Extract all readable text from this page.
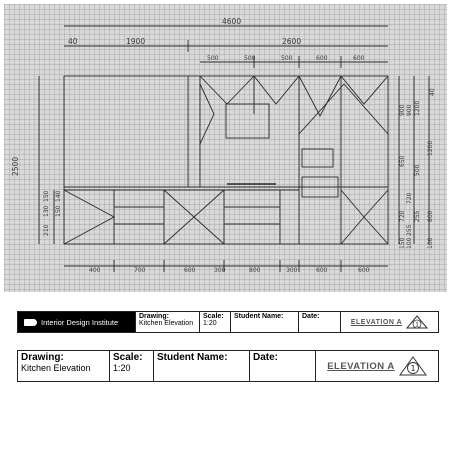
4600
1900	2600
40
500	500	500	600	600
400	700	600	300	800	300	600	600
2500
210
130
150
150
140
900
650
720
255
255
150
1200
500
800
100
40
100
1200
720
900
Interior Design Institute
Drawing:
Kitchen Elevation
Scale:
1:20
Student Name:	Date:
ELEVATION A 1
Drawing:
Kitchen Elevation
Scale:
1:20
Student Name:	Date:
ELEVATION A 1
